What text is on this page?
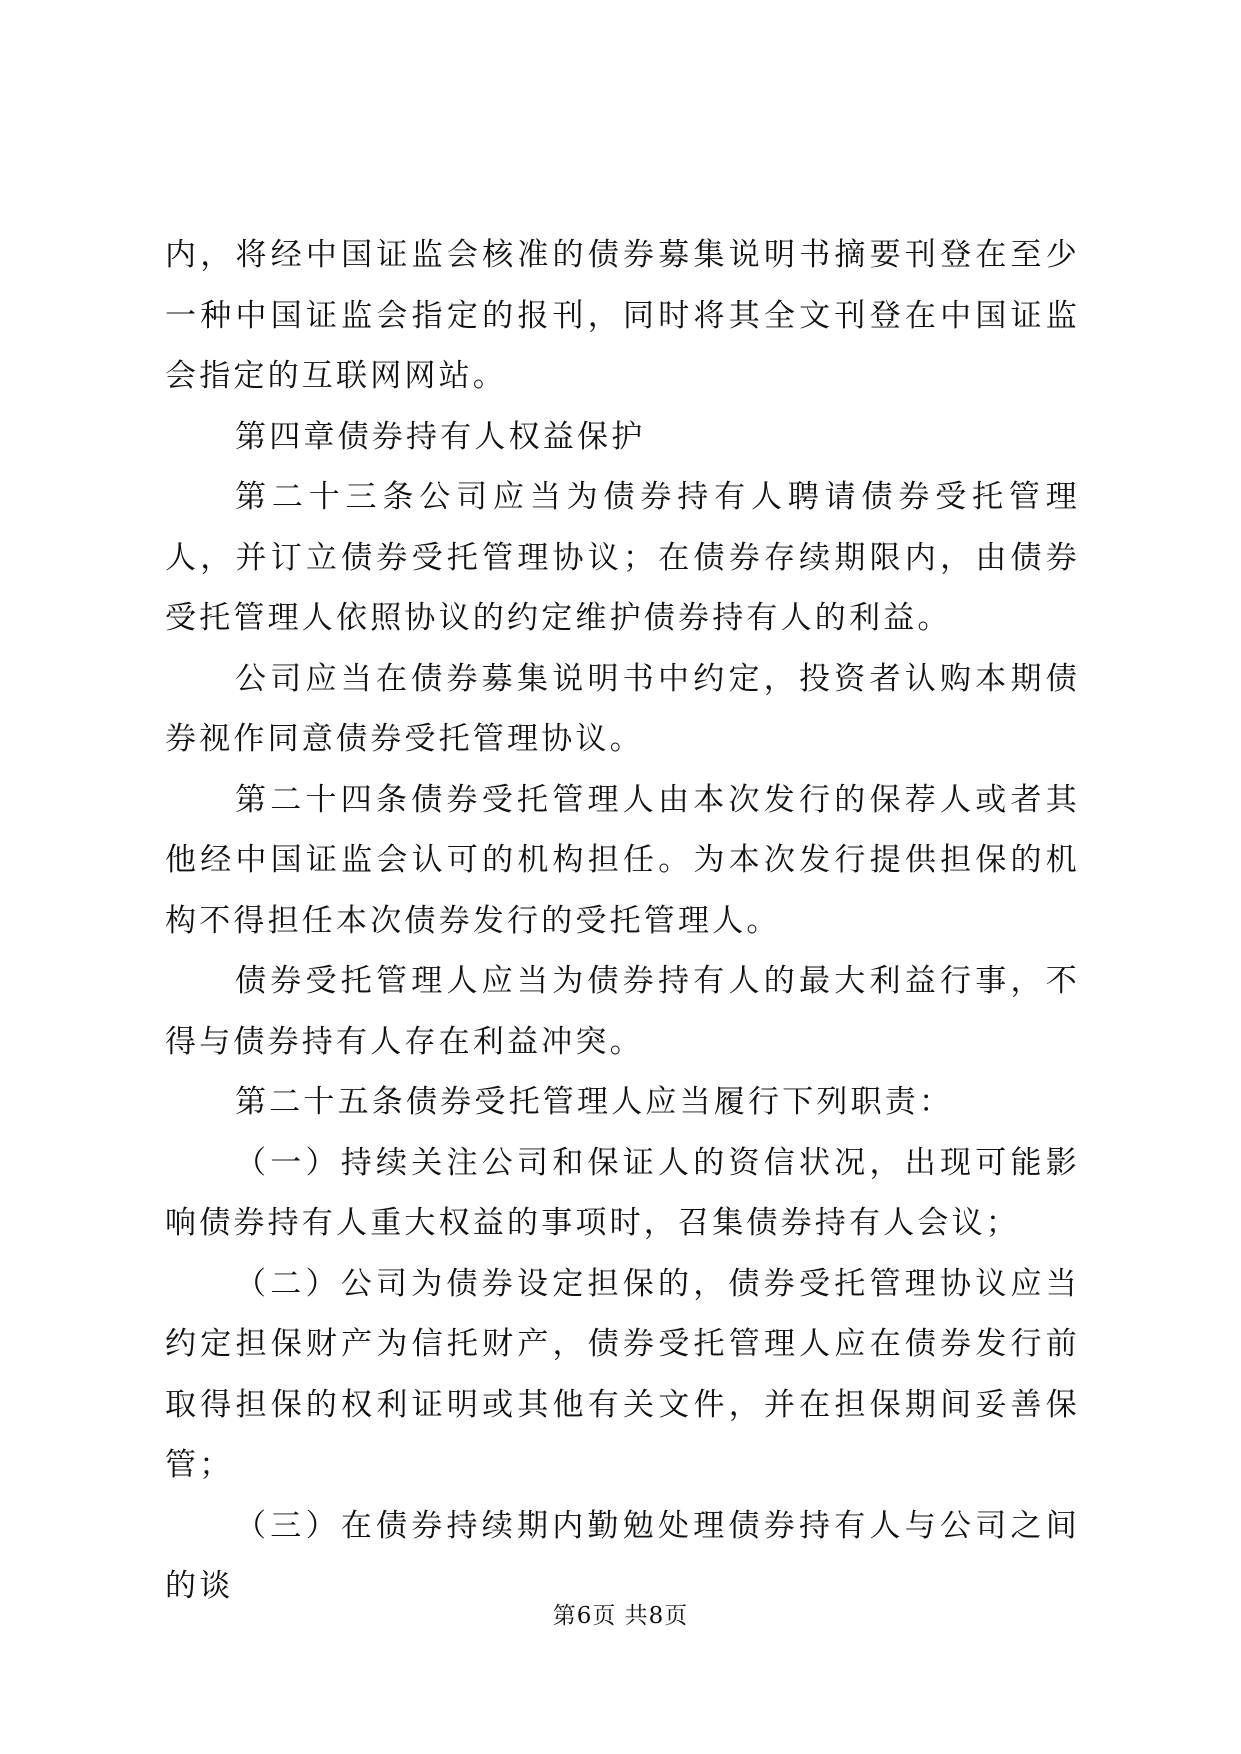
内，将经中国证监会核准的债券募集说明书摘要刊登在至少一种中国证监会指定的报刊，同时将其全文刊登在中国证监会指定的互联网网站。

第四章债券持有人权益保护

第二十三条公司应当为债券持有人聘请债券受托管理人，并订立债券受托管理协议；在债券存续期限内，由债券受托管理人依照协议的约定维护债券持有人的利益。

公司应当在债券募集说明书中约定，投资者认购本期债券视作同意债券受托管理协议。

第二十四条债券受托管理人由本次发行的保荐人或者其他经中国证监会认可的机构担任。为本次发行提供担保的机构不得担任本次债券发行的受托管理人。

债券受托管理人应当为债券持有人的最大利益行事，不得与债券持有人存在利益冲突。

第二十五条债券受托管理人应当履行下列职责：

（一）持续关注公司和保证人的资信状况，出现可能影响债券持有人重大权益的事项时，召集债券持有人会议；

（二）公司为债券设定担保的，债券受托管理协议应当约定担保财产为信托财产，债券受托管理人应在债券发行前取得担保的权利证明或其他有关文件，并在担保期间妥善保管；

（三）在债券持续期内勤勉处理债券持有人与公司之间的谈

第6页 共8页
